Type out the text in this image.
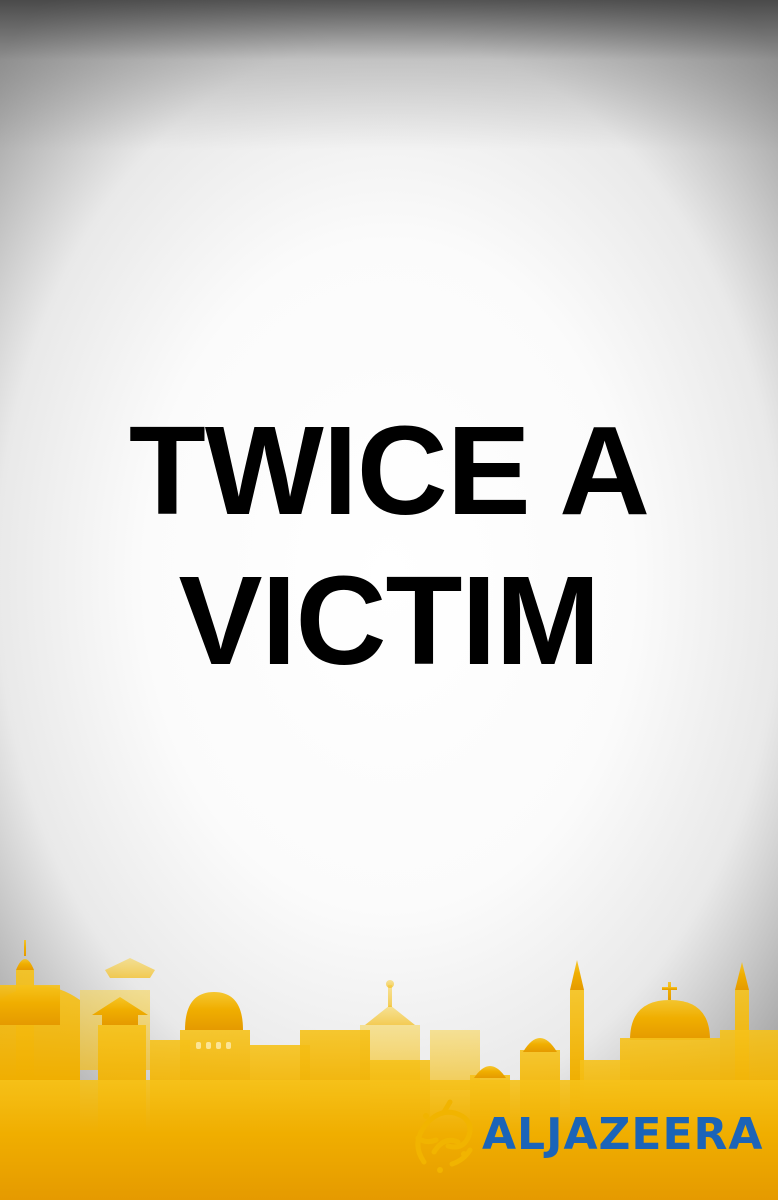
TWICE A
VICTIM
ALJAZEERA
